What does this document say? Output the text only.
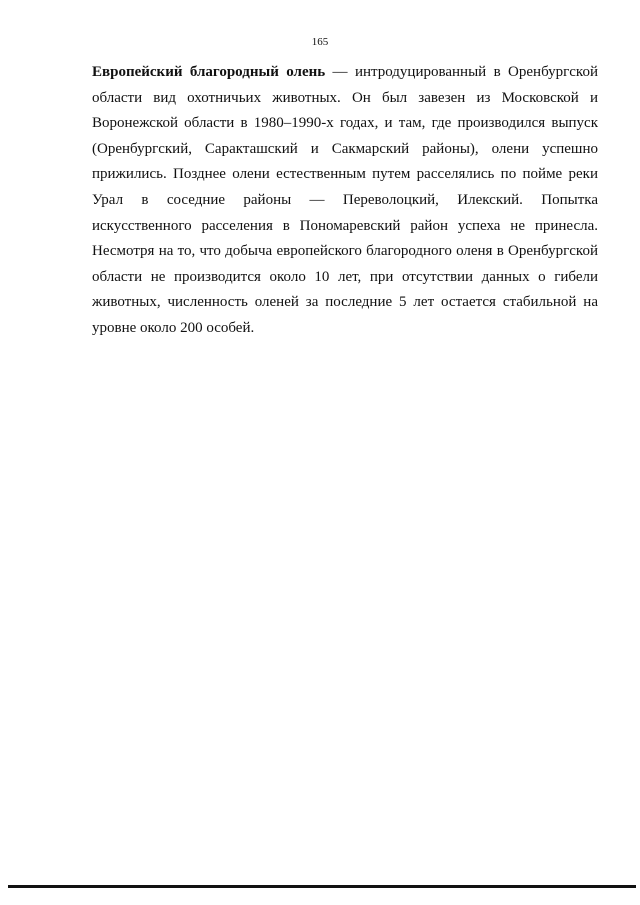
165

Европейский благородный олень — интродуцированный в Оренбургской области вид охотничьих животных. Он был завезен из Московской и Воронежской области в 1980–1990-х годах, и там, где производился выпуск (Оренбургский, Саракташский и Сакмарский районы), олени успешно прижились. Позднее олени естественным путем расселялись по пойме реки Урал в соседние районы — Переволоцкий, Илекский. Попытка искусственного расселения в Пономаревский район успеха не принесла. Несмотря на то, что добыча европейского благородного оленя в Оренбургской области не производится около 10 лет, при отсутствии данных о гибели животных, численность оленей за последние 5 лет остается стабильной на уровне около 200 особей.
